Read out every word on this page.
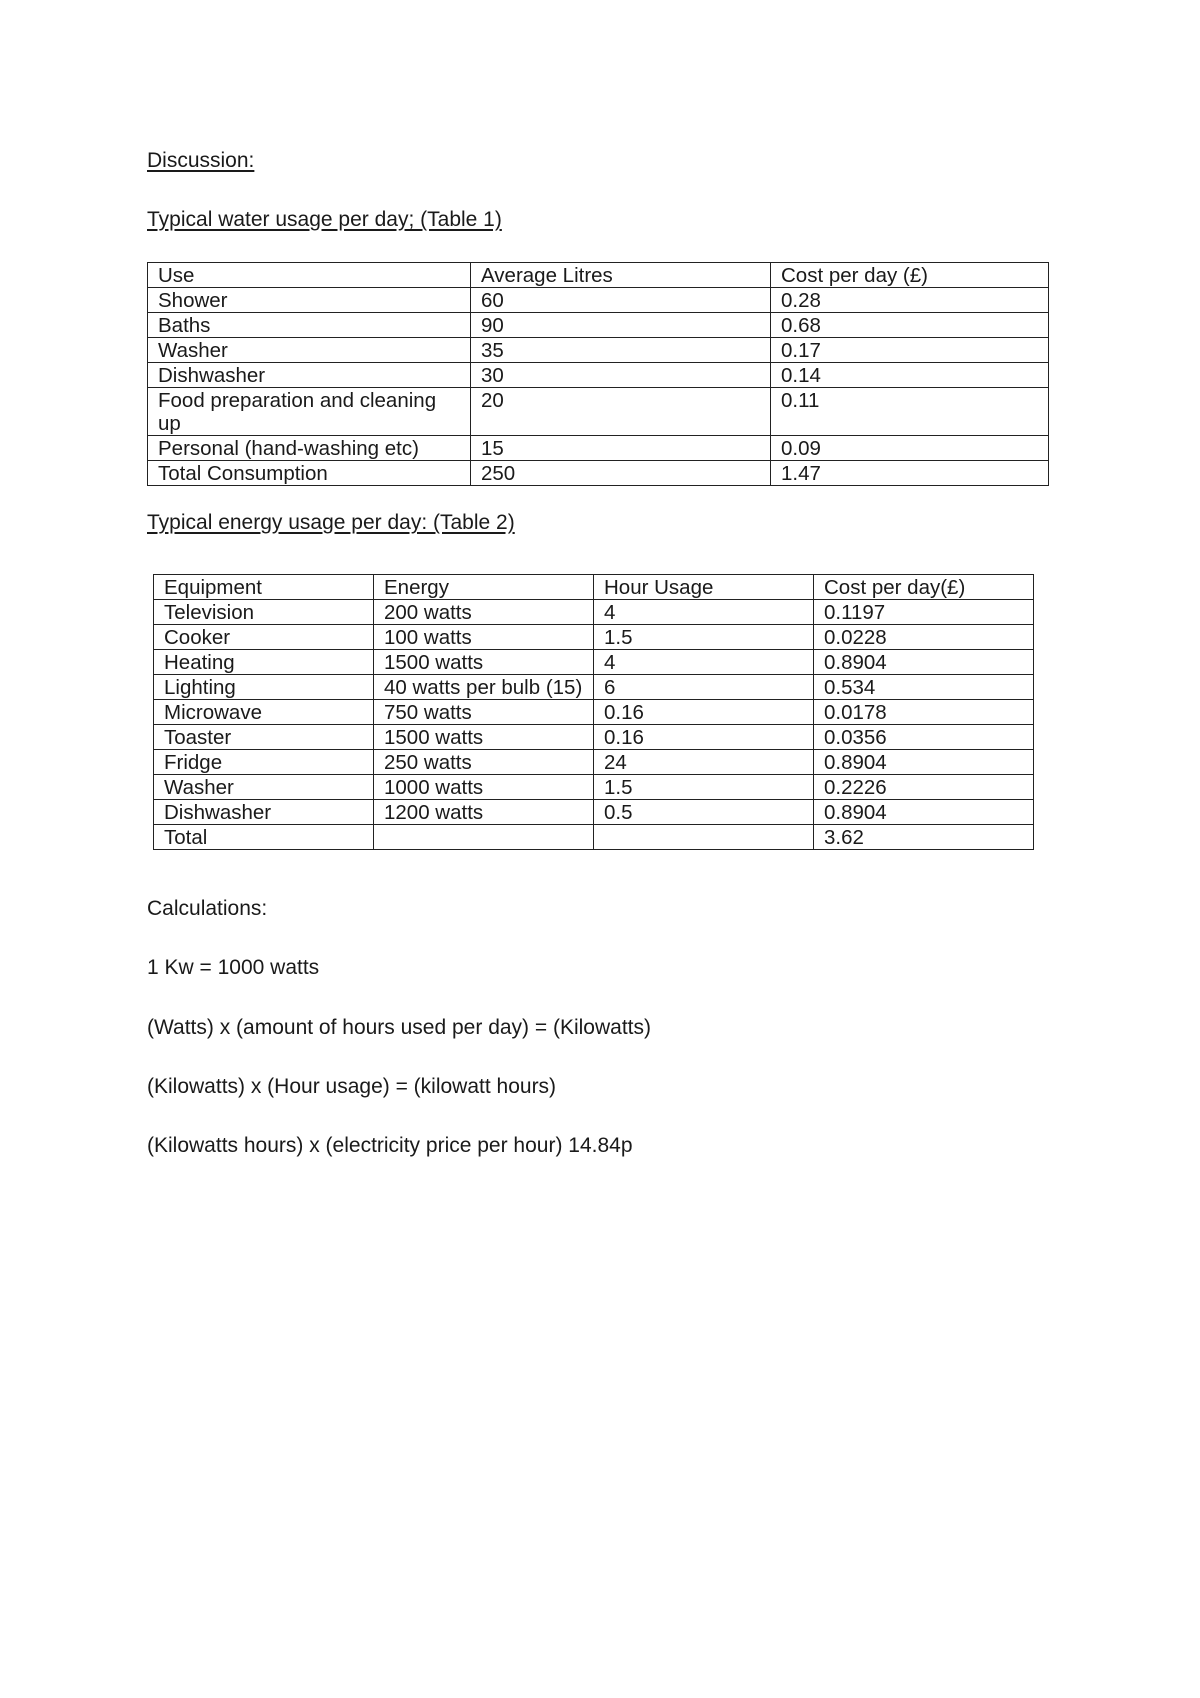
Discussion:
Typical water usage per day; (Table 1)
Use	Average Litres	Cost per day (£)
Shower	60	0.28
Baths	90	0.68
Washer	35	0.17
Dishwasher	30	0.14
Food preparation and cleaning up	20	0.11
Personal (hand-washing etc)	15	0.09
Total Consumption	250	1.47
Typical energy usage per day: (Table 2)
Equipment	Energy	Hour Usage	Cost per day(£)
Television	200 watts	4	0.1197
Cooker	100 watts	1.5	0.0228
Heating	1500 watts	4	0.8904
Lighting	40 watts per bulb (15)	6	0.534
Microwave	750 watts	0.16	0.0178
Toaster	1500 watts	0.16	0.0356
Fridge	250 watts	24	0.8904
Washer	1000 watts	1.5	0.2226
Dishwasher	1200 watts	0.5	0.8904
Total			3.62
Calculations:
1 Kw = 1000 watts
(Watts) x (amount of hours used per day) = (Kilowatts)
(Kilowatts) x (Hour usage) = (kilowatt hours)
(Kilowatts hours) x (electricity price per hour) 14.84p
